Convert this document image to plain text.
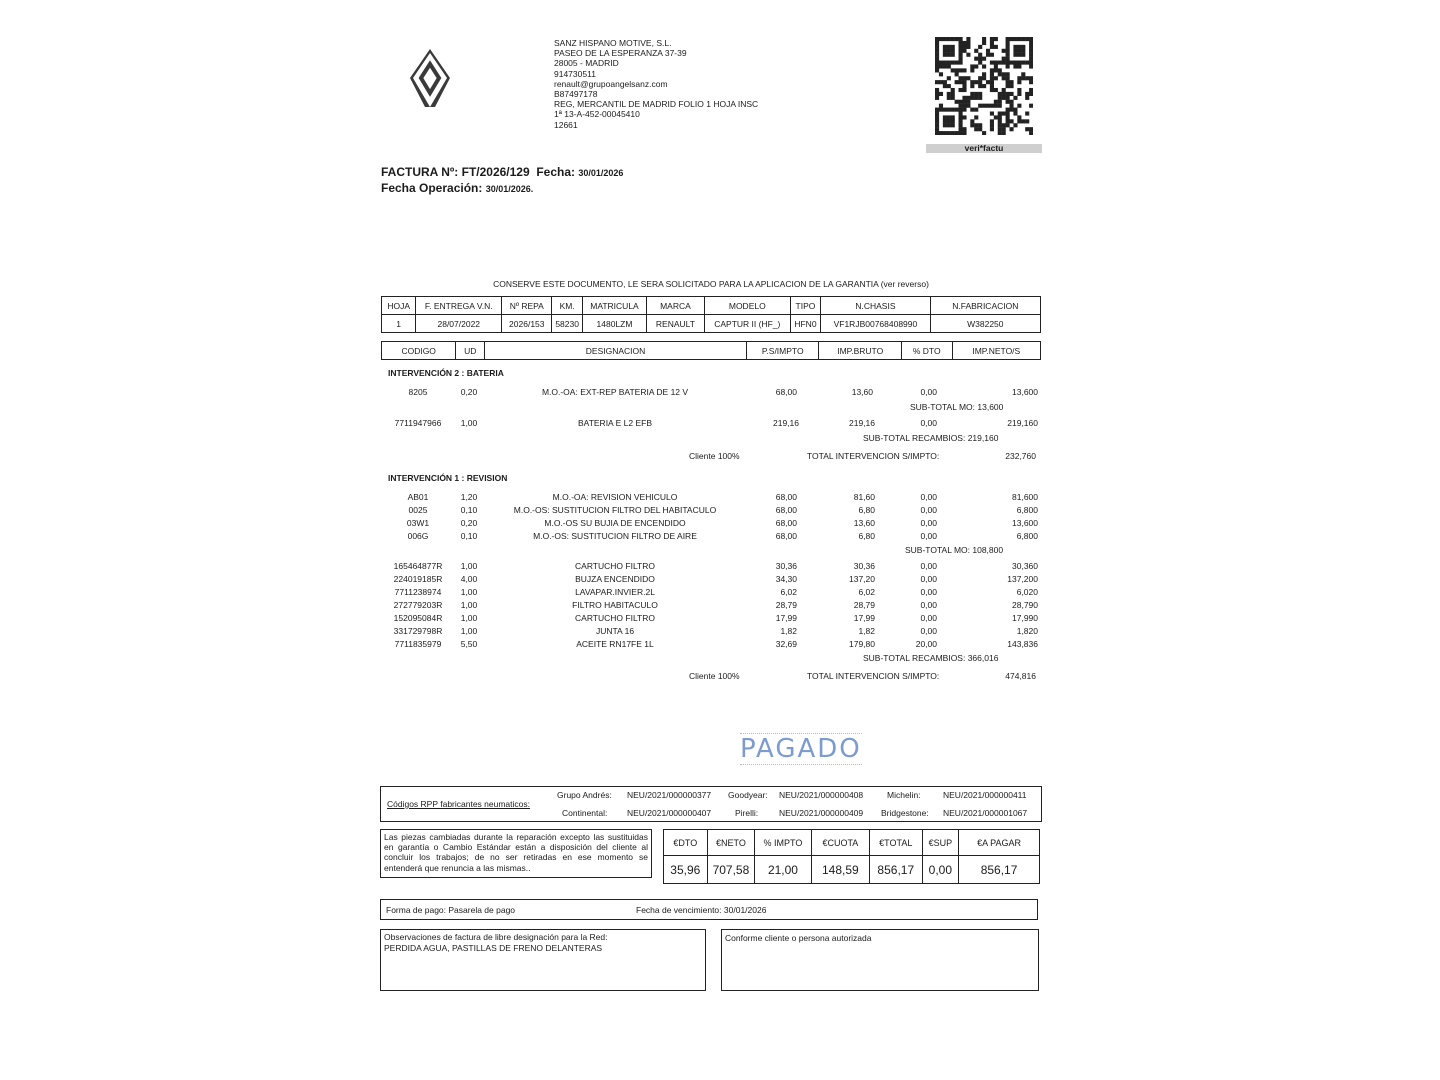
SANZ HISPANO MOTIVE, S.L.
PASEO DE LA ESPERANZA 37-39
28005 - MADRID
914730511
renault@grupoangelsanz.com
B87497178
REG, MERCANTIL DE MADRID FOLIO 1 HOJA INSC
1ª 13-A-452-00045410
12661
veri*factu
FACTURA Nº: FT/2026/129 Fecha: 30/01/2026
Fecha Operación: 30/01/2026.
CONSERVE ESTE DOCUMENTO, LE SERA SOLICITADO PARA LA APLICACION DE LA GARANTIA (ver reverso)
HOJA	F. ENTREGA V.N.	Nº REPA	KM.	MATRICULA	MARCA	MODELO	TIPO	N.CHASIS	N.FABRICACION
1	28/07/2022	2026/153	58230	1480LZM	RENAULT	CAPTUR II (HF_)	HFN0	VF1RJB00768408990	W382250
CODIGO	UD	DESIGNACION	P.S/IMPTO	IMP.BRUTO	% DTO	IMP.NETO/S
INTERVENCIÓN 2 : BATERIA
8205	0,20	M.O.-OA: EXT-REP BATERIA DE 12 V	68,00	13,60	0,00	13,600
SUB-TOTAL MO: 13,600
7711947966	1,00	BATERIA E L2 EFB	219,16	219,16	0,00	219,160
SUB-TOTAL RECAMBIOS: 219,160
Cliente 100%	TOTAL INTERVENCION S/IMPTO:	232,760
INTERVENCIÓN 1 : REVISION
AB01	1,20	M.O.-OA: REVISION VEHICULO	68,00	81,60	0,00	81,600
0025	0,10	M.O.-OS: SUSTITUCION FILTRO DEL HABITACULO	68,00	6,80	0,00	6,800
03W1	0,20	M.O.-OS SU BUJIA DE ENCENDIDO	68,00	13,60	0,00	13,600
006G	0,10	M.O.-OS: SUSTITUCION FILTRO DE AIRE	68,00	6,80	0,00	6,800
SUB-TOTAL MO: 108,800
165464877R	1,00	CARTUCHO FILTRO	30,36	30,36	0,00	30,360
224019185R	4,00	BUJZA ENCENDIDO	34,30	137,20	0,00	137,200
7711238974	1,00	LAVAPAR.INVIER.2L	6,02	6,02	0,00	6,020
272779203R	1,00	FILTRO HABITACULO	28,79	28,79	0,00	28,790
152095084R	1,00	CARTUCHO FILTRO	17,99	17,99	0,00	17,990
331729798R	1,00	JUNTA 16	1,82	1,82	0,00	1,820
7711835979	5,50	ACEITE RN17FE 1L	32,69	179,80	20,00	143,836
SUB-TOTAL RECAMBIOS: 366,016
Cliente 100%	TOTAL INTERVENCION S/IMPTO:	474,816
PAGADO
Códigos RPP fabricantes neumaticos:
Grupo Andrés: NEU/2021/000000377 Goodyear: NEU/2021/000000408	Michelin:	NEU/2021/000000411
Continental: NEU/2021/000000407	Pirelli: NEU/2021/000000409 Bridgestone: NEU/2021/000001067
Las piezas cambiadas durante la reparación excepto las sustituidas en garantía o Cambio Estándar están a disposición del cliente al concluir los trabajos; de no ser retiradas en ese momento se entenderá que renuncia a las mismas..
€DTO	€NETO	% IMPTO	€CUOTA	€TOTAL	€SUP	€A PAGAR
35,96	707,58	21,00	148,59	856,17	0,00	856,17
Forma de pago: Pasarela de pago	Fecha de vencimiento: 30/01/2026
Observaciones de factura de libre designación para la Red:
PERDIDA AGUA, PASTILLAS DE FRENO DELANTERAS
Conforme cliente o persona autorizada
